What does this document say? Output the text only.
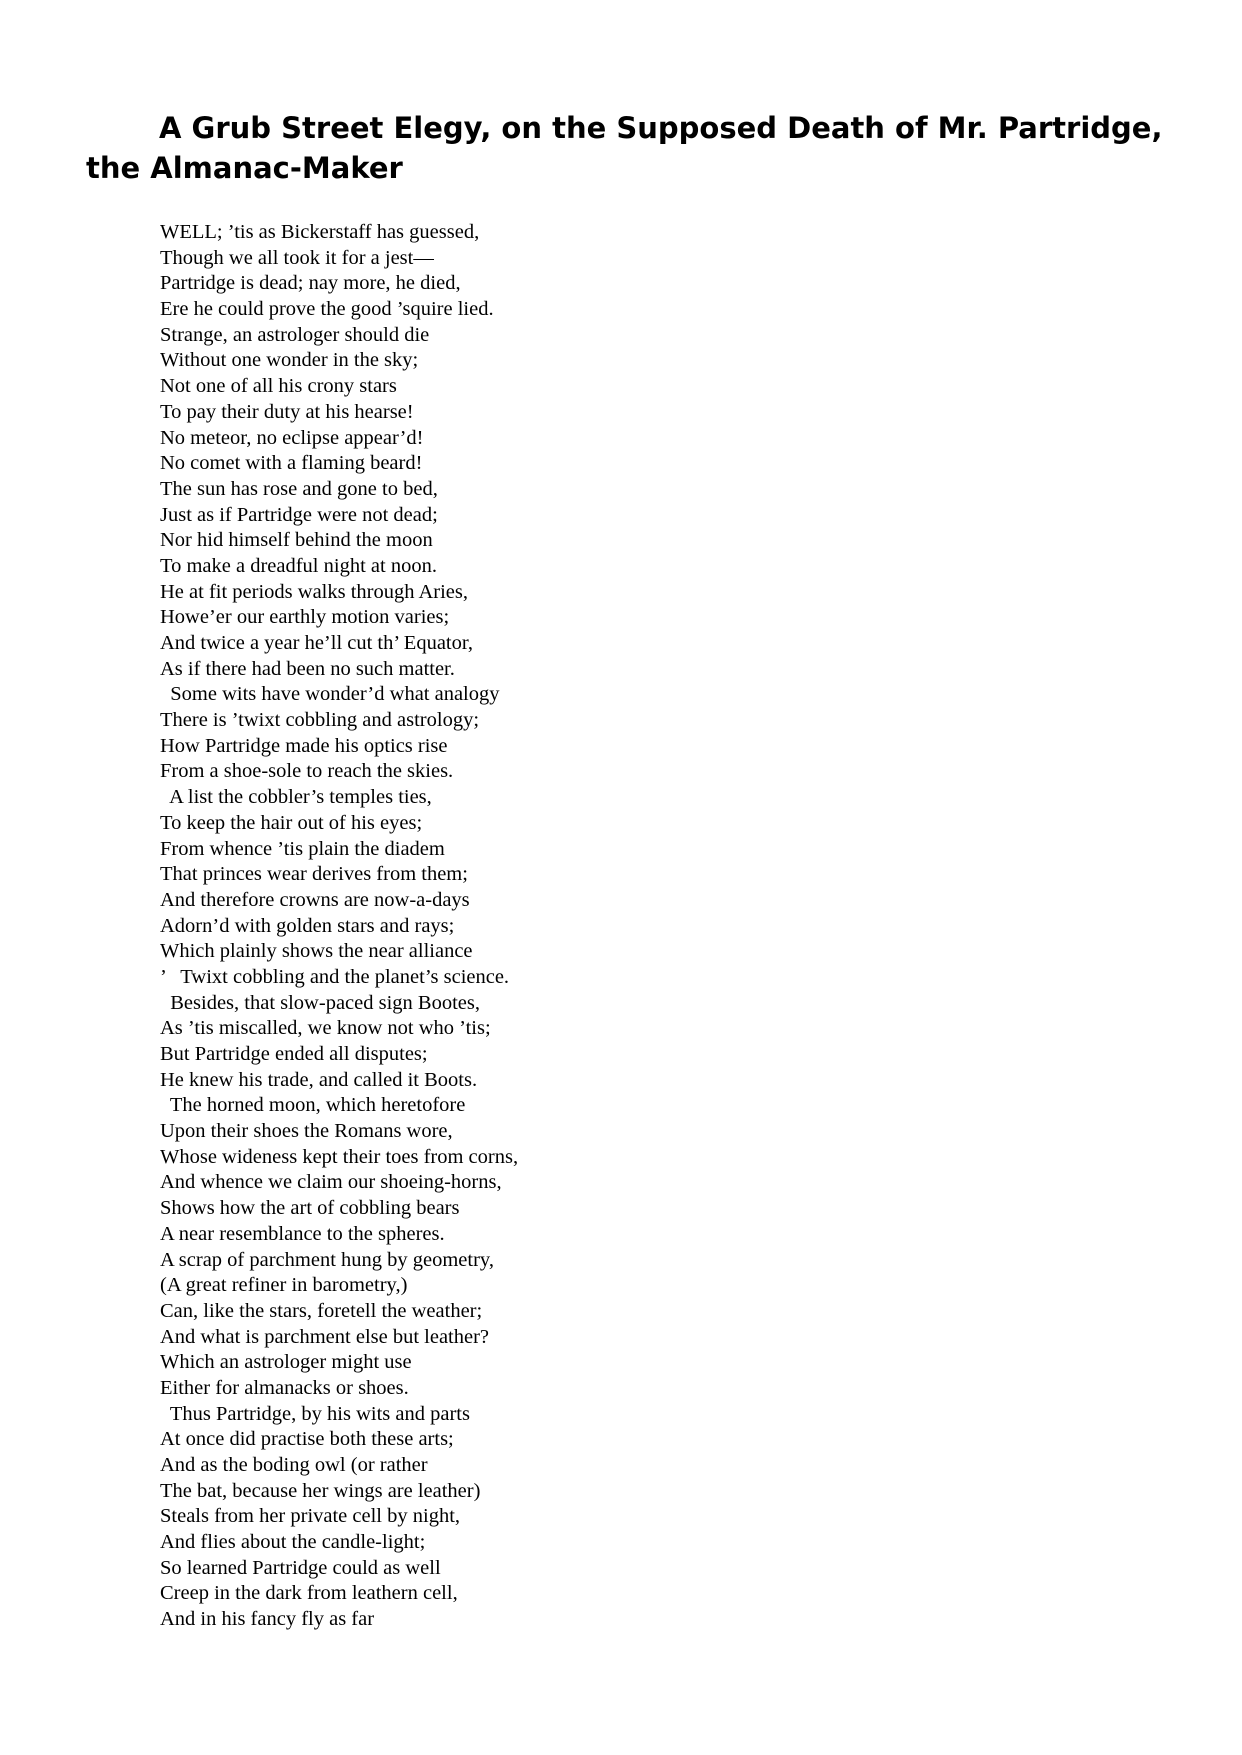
A Grub Street Elegy, on the Supposed Death of Mr. Partridge, the Almanac-Maker
WELL; ’tis as Bickerstaff has guessed,
Though we all took it for a jest—
Partridge is dead; nay more, he died,
Ere he could prove the good ’squire lied.
Strange, an astrologer should die
Without one wonder in the sky;
Not one of all his crony stars
To pay their duty at his hearse!
No meteor, no eclipse appear’d!
No comet with a flaming beard!
The sun has rose and gone to bed,
Just as if Partridge were not dead;
Nor hid himself behind the moon
To make a dreadful night at noon.
He at fit periods walks through Aries,
Howe’er our earthly motion varies;
And twice a year he’ll cut th’ Equator,
As if there had been no such matter.
Some wits have wonder’d what analogy
There is ’twixt cobbling and astrology;
How Partridge made his optics rise
From a shoe-sole to reach the skies.
A list the cobbler’s temples ties,
To keep the hair out of his eyes;
From whence ’tis plain the diadem
That princes wear derives from them;
And therefore crowns are now-a-days
Adorn’d with golden stars and rays;
Which plainly shows the near alliance
’   Twixt cobbling and the planet’s science.
Besides, that slow-paced sign Bootes,
As ’tis miscalled, we know not who ’tis;
But Partridge ended all disputes;
He knew his trade, and called it Boots.
The horned moon, which heretofore
Upon their shoes the Romans wore,
Whose wideness kept their toes from corns,
And whence we claim our shoeing-horns,
Shows how the art of cobbling bears
A near resemblance to the spheres.
A scrap of parchment hung by geometry,
(A great refiner in barometry,)
Can, like the stars, foretell the weather;
And what is parchment else but leather?
Which an astrologer might use
Either for almanacks or shoes.
Thus Partridge, by his wits and parts
At once did practise both these arts;
And as the boding owl (or rather
The bat, because her wings are leather)
Steals from her private cell by night,
And flies about the candle-light;
So learned Partridge could as well
Creep in the dark from leathern cell,
And in his fancy fly as far
